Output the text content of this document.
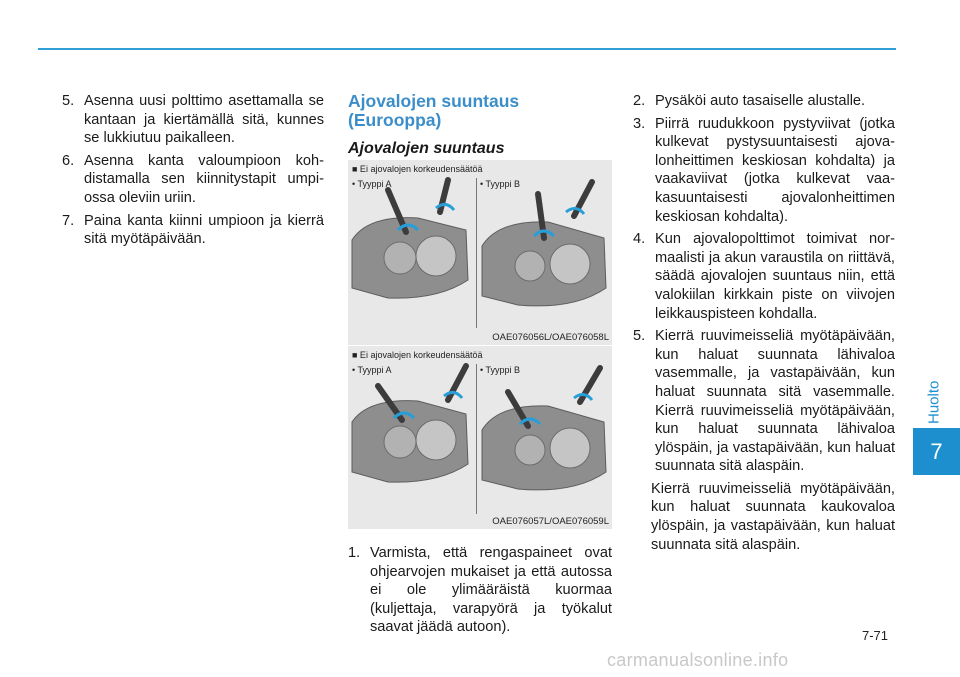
Huolto
7
5. Asenna uusi polttimo asettamalla se kantaan ja kiertämällä sitä, kunnes se lukkiutuu paikalleen.
6. Asenna kanta valoumpioon kohdistamalla sen kiinnitystapit umpiossa oleviin uriin.
7. Paina kanta kiinni umpioon ja kierrä sitä myötäpäivään.
Ajovalojen suuntaus
(Eurooppa)
Ajovalojen suuntaus
1. Varmista, että rengaspaineet ovat ohjearvojen mukaiset ja että autossa ei ole ylimääräistä kuormaa (kuljettaja, varapyörä ja työkalut saavat jäädä autoon).
■ Ei ajovalojen korkeudensäätöä
• Tyyppi A	• Tyyppi B
OAE076056L/OAE076058L
■ Ei ajovalojen korkeudensäätöä
• Tyyppi A	• Tyyppi B
OAE076057L/OAE076059L
2. Pysäköi auto tasaiselle alustalle.
3. Piirrä ruudukkoon pystyviivat (jotka kulkevat pystysuuntaisesti ajovalonheittimen keskiosan kohdalta) ja vaakaviivat (jotka kulkevat vaakasuuntaisesti ajovalonheittimen keskiosan kohdalta).
4. Kun ajovalopolttimot toimivat normaalisti ja akun varaustila on riittävä, säädä ajovalojen suuntaus niin, että valokiilan kirkkain piste on viivojen leikkauspisteen kohdalla.
5. Kierrä ruuvimeisseliä myötäpäivään, kun haluat suunnata lähivaloa vasemmalle, ja vastapäivään, kun haluat suunnata sitä vasemmalle. Kierrä ruuvimeisseliä myötäpäivään, kun haluat suunnata lähivaloa ylöspäin, ja vastapäivään, kun haluat suunnata sitä alaspäin.
Kierrä ruuvimeisseliä myötäpäivään, kun haluat suunnata kaukovaloa ylöspäin, ja vastapäivään, kun haluat suunnata sitä alaspäin.
7-71
carmanualsonline.info
